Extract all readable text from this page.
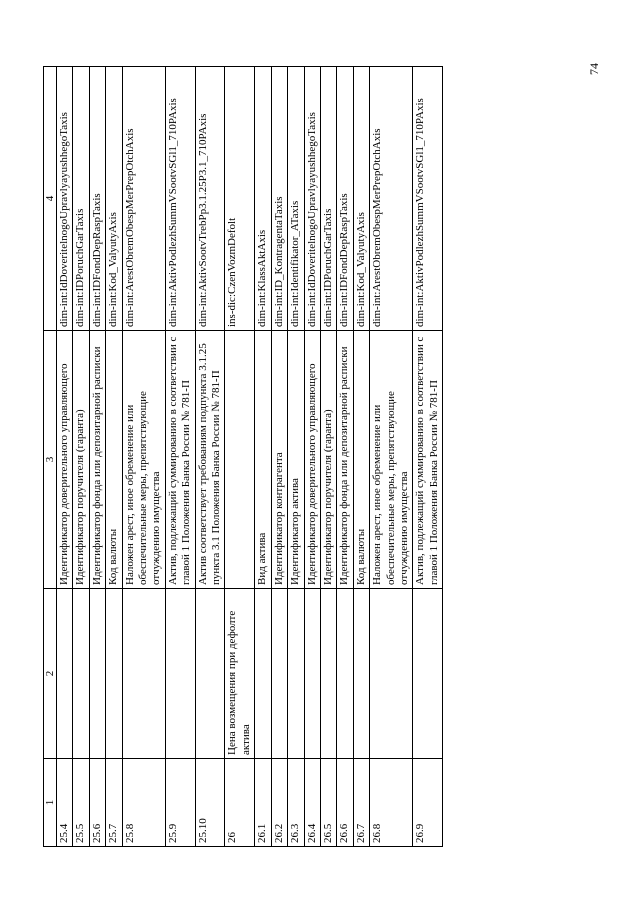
1	2	3	4
25.4		Идентификатор доверительного управляющего	dim-int:IdDoveritelnogoUpravlyayushhegoTaxis
25.5		Идентификатор поручителя (гаранта)	dim-int:IDPoruchGarTaxis
25.6		Идентификатор фонда или депозитарной расписки	dim-int:IDFondDepRaspTaxis
25.7		Код валюты	dim-int:Kod_ValyutyAxis
25.8		Наложен арест, иное обременение или обеспечительные меры, препятствующие отчуждению имущества	dim-int:ArestObremObespMerPrepOtchAxis
25.9		Актив, подлежащий суммированию в соответствии с главой 1 Положения Банка России № 781-П	dim-int:AktivPodlezhSummVSootvSGl1_710PAxis
25.10		Актив соответствует требованиям подпункта 3.1.25 пункта 3.1 Положения Банка России № 781-П	dim-int:AktivSootvTrebPp3.1.25P3.1_710PAxis
26	Цена возмещения при дефолте актива		ins-dic:CzenVozmDefolt
26.1		Вид актива	dim-int:KlassAktAxis
26.2		Идентификатор контрагента	dim-int:ID_KontragentaTaxis
26.3		Идентификатор актива	dim-int:Identifikator_ATaxis
26.4		Идентификатор доверительного управляющего	dim-int:IdDoveritelnogoUpravlyayushhegoTaxis
26.5		Идентификатор поручителя (гаранта)	dim-int:IDPoruchGarTaxis
26.6		Идентификатор фонда или депозитарной расписки	dim-int:IDFondDepRaspTaxis
26.7		Код валюты	dim-int:Kod_ValyutyAxis
26.8		Наложен арест, иное обременение или обеспечительные меры, препятствующие отчуждению имущества	dim-int:ArestObremObespMerPrepOtchAxis
26.9		Актив, подлежащий суммированию в соответствии с главой 1 Положения Банка России № 781-П	dim-int:AktivPodlezhSummVSootvSGl1_710PAxis
74
